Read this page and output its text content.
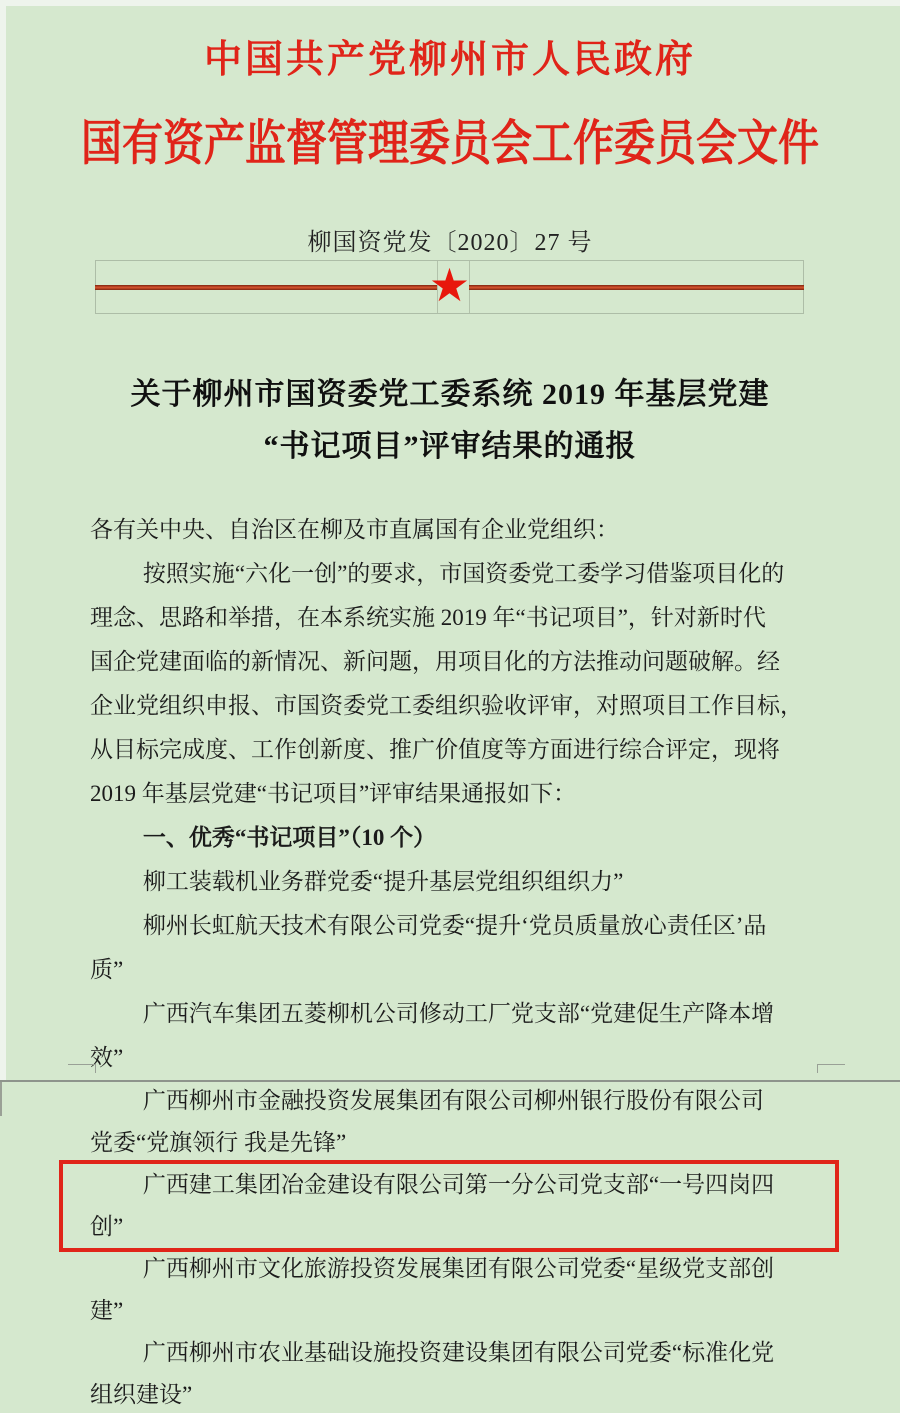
中国共产党柳州市人民政府
国有资产监督管理委员会工作委员会文件
柳国资党发〔2020〕27 号
★
关于柳州市国资委党工委系统 2019 年基层党建
“书记项目”评审结果的通报
各有关中央、自治区在柳及市直属国有企业党组织：
按照实施“六化一创”的要求，市国资委党工委学习借鉴项目化的
理念、思路和举措，在本系统实施 2019 年“书记项目”，针对新时代
国企党建面临的新情况、新问题，用项目化的方法推动问题破解。经
企业党组织申报、市国资委党工委组织验收评审，对照项目工作目标，
从目标完成度、工作创新度、推广价值度等方面进行综合评定，现将
2019 年基层党建“书记项目”评审结果通报如下：
一、优秀“书记项目”（10 个）
柳工装载机业务群党委“提升基层党组织组织力”
柳州长虹航天技术有限公司党委“提升‘党员质量放心责任区’品
质”
广西汽车集团五菱柳机公司修动工厂党支部“党建促生产降本增
效”
广西柳州市金融投资发展集团有限公司柳州银行股份有限公司
党委“党旗领行 我是先锋”
广西建工集团冶金建设有限公司第一分公司党支部“一号四岗四
创”
广西柳州市文化旅游投资发展集团有限公司党委“星级党支部创
建”
广西柳州市农业基础设施投资建设集团有限公司党委“标准化党
组织建设”
